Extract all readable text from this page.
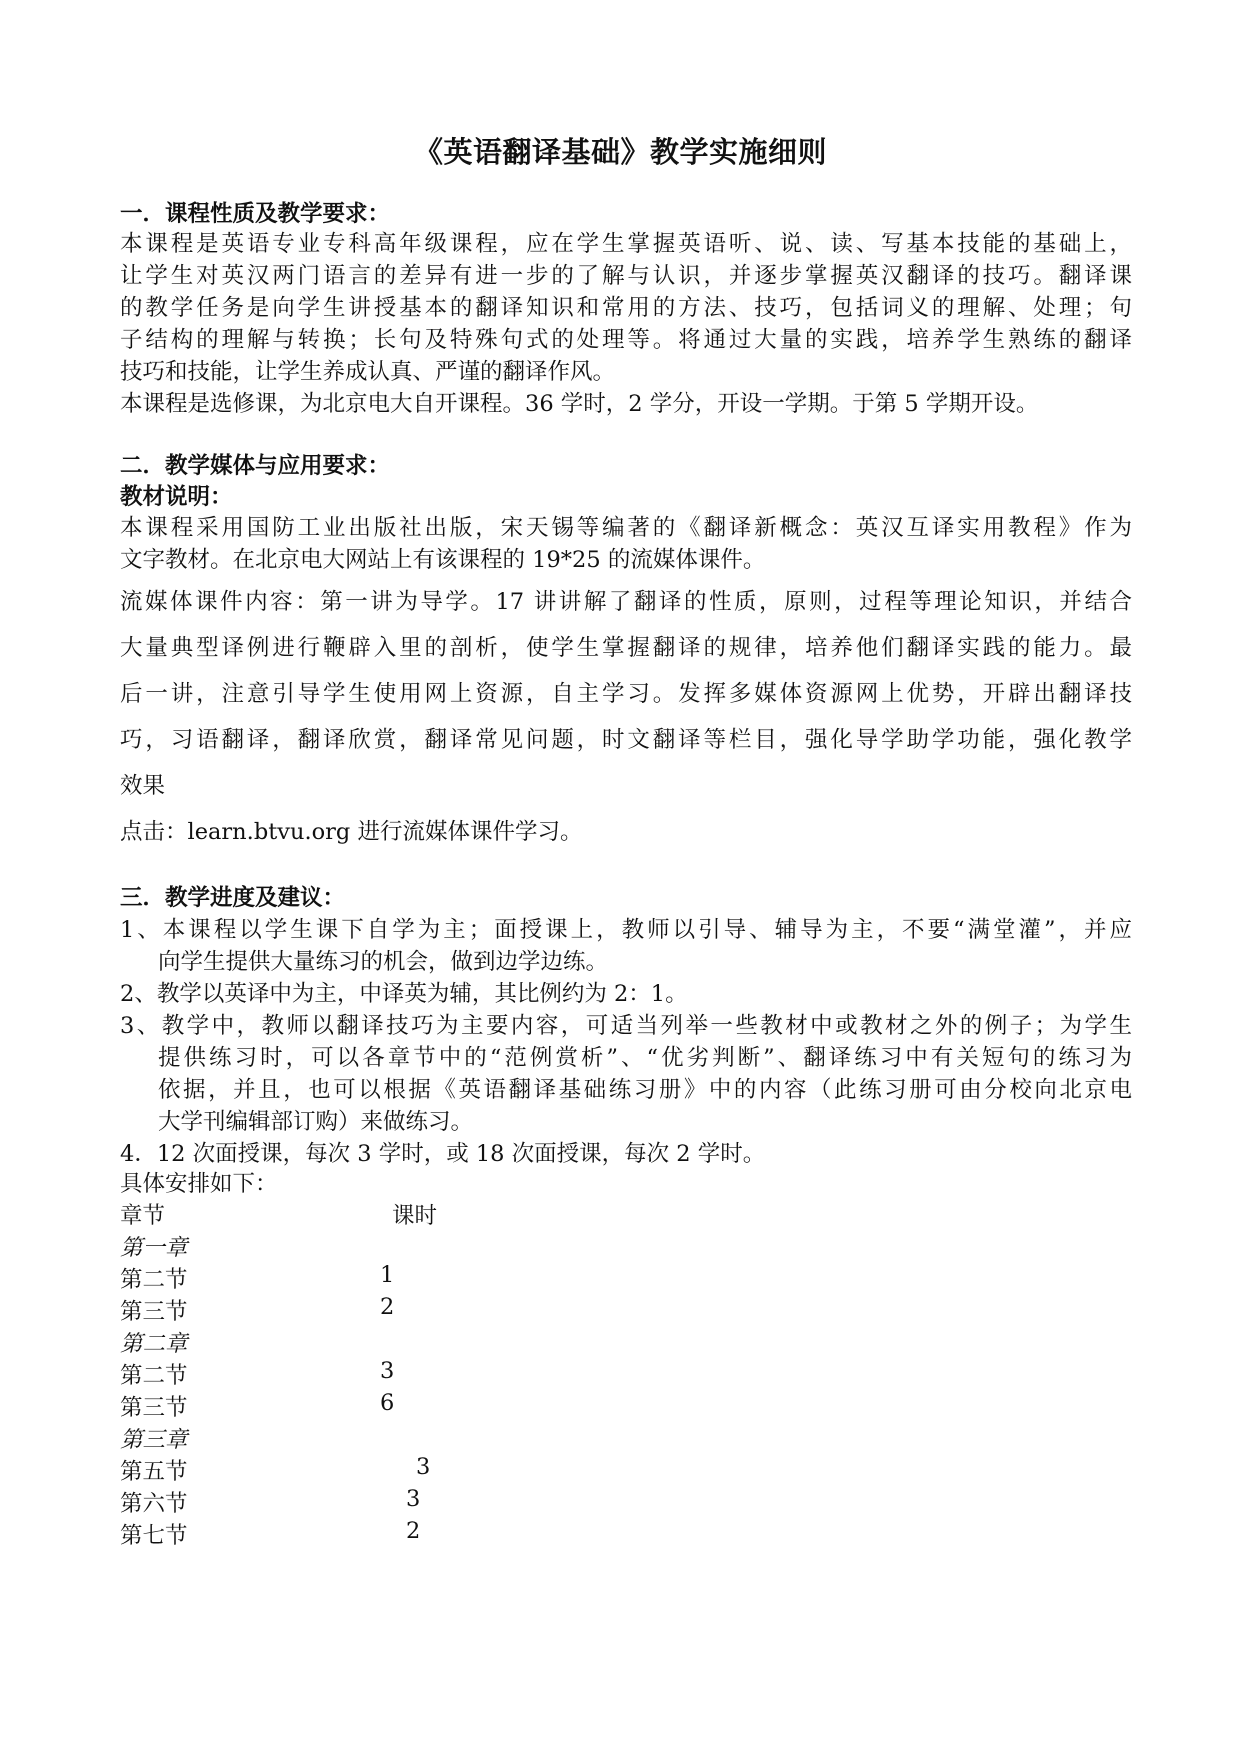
《英语翻译基础》教学实施细则
一．课程性质及教学要求：
本课程是英语专业专科高年级课程，应在学生掌握英语听、说、读、写基本技能的基础上，
让学生对英汉两门语言的差异有进一步的了解与认识，并逐步掌握英汉翻译的技巧。翻译课
的教学任务是向学生讲授基本的翻译知识和常用的方法、技巧，包括词义的理解、处理；句
子结构的理解与转换；长句及特殊句式的处理等。将通过大量的实践，培养学生熟练的翻译
技巧和技能，让学生养成认真、严谨的翻译作风。
本课程是选修课，为北京电大自开课程。36 学时，2 学分，开设一学期。于第 5 学期开设。
二．教学媒体与应用要求：
教材说明：
本课程采用国防工业出版社出版，宋天锡等编著的《翻译新概念：英汉互译实用教程》作为
文字教材。在北京电大网站上有该课程的 19*25 的流媒体课件。
流媒体课件内容：第一讲为导学。17 讲讲解了翻译的性质，原则，过程等理论知识，并结合
大量典型译例进行鞭辟入里的剖析，使学生掌握翻译的规律，培养他们翻译实践的能力。最
后一讲，注意引导学生使用网上资源，自主学习。发挥多媒体资源网上优势，开辟出翻译技
巧，习语翻译，翻译欣赏，翻译常见问题，时文翻译等栏目，强化导学助学功能，强化教学
效果
点击：learn.btvu.org 进行流媒体课件学习。
三．教学进度及建议：
1、本课程以学生课下自学为主；面授课上，教师以引导、辅导为主，不要“满堂灌”，并应
向学生提供大量练习的机会，做到边学边练。
2、教学以英译中为主，中译英为辅，其比例约为 2：1。
3、教学中，教师以翻译技巧为主要内容，可适当列举一些教材中或教材之外的例子；为学生
提供练习时，可以各章节中的“范例赏析”、“优劣判断”、翻译练习中有关短句的练习为
依据，并且，也可以根据《英语翻译基础练习册》中的内容（此练习册可由分校向北京电
大学刊编辑部订购）来做练习。
4．12 次面授课，每次 3 学时，或 18 次面授课，每次 2 学时。
具体安排如下：
章节	课时
第一章
第二节	1
第三节	2
第二章
第二节	3
第三节	6
第三章
第五节	3
第六节	3
第七节	2
